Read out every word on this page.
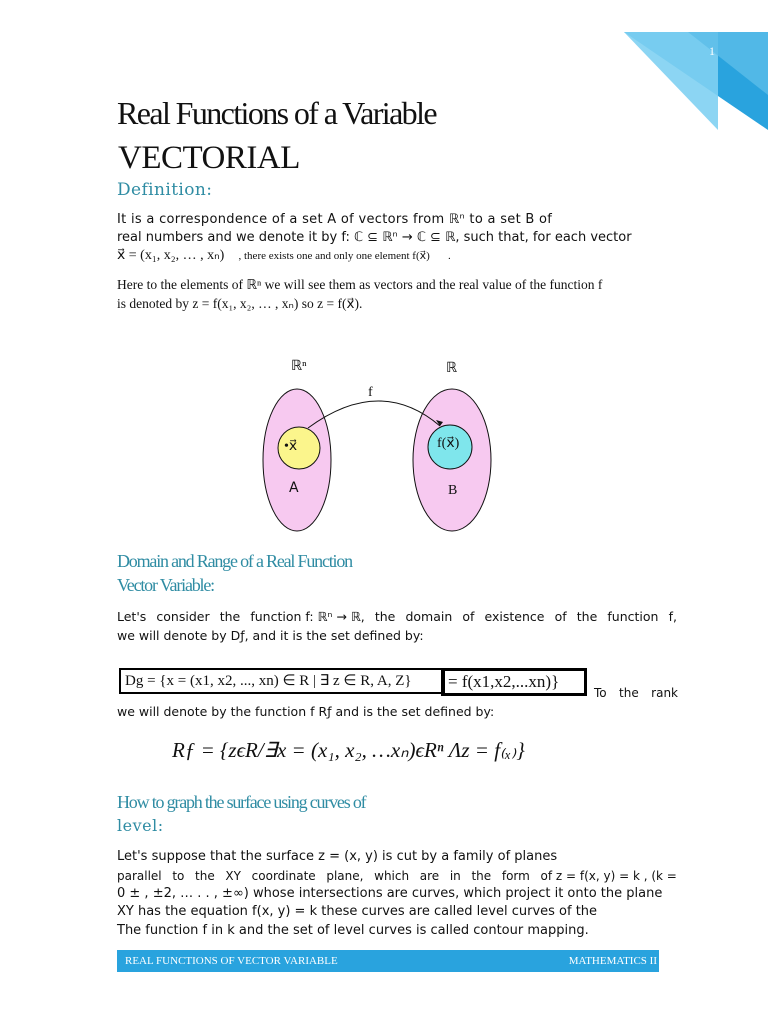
1
Real Functions of a Variable
VECTORIAL
Definition:
It is a correspondence of a set A of vectors from ℝⁿ to a set B of
real numbers and we denote it by f: ℂ ⊆ ℝⁿ → ℂ ⊆ ℝ, such that, for each vector
x⃗ = (x₁, x₂, … , xₙ) , there exists one and only one element f(x⃗) .
Here to the elements of ℝⁿ we will see them as vectors and the real value of the function f
is denoted by z = f(x₁, x₂, … , xₙ) so z = f(x⃗).
ℝⁿ	ℝ
f
•x⃗	f(x⃗)
A	B
Domain and Range of a Real Function
Vector Variable:
Let's consider the function f: ℝⁿ → ℝ, the domain of existence of the function f,
we will denote by Dƒ, and it is the set defined by:
Dg = {x = (x1, x2, ..., xn) ∈ R | ∃ z ∈ R, A, Z}	= f(x1,x2,...xn)}
To the rank
we will denote by the function f Rƒ and is the set defined by:
Rƒ = {zϵR/∃x = (x₁, x₂, …xₙ)ϵRⁿ Λz = f₍ₓ₎}
How to graph the surface using curves of
level:
Let's suppose that the surface z = (x, y) is cut by a family of planes
parallel to the XY coordinate plane, which are in the form of z = f(x, y) = k , (k =
0 ± , ±2, … . . , ±∞) whose intersections are curves, which project it onto the plane
XY has the equation f(x, y) = k these curves are called level curves of the
The function f in k and the set of level curves is called contour mapping.
REAL FUNCTIONS OF VECTOR VARIABLE	MATHEMATICS II
